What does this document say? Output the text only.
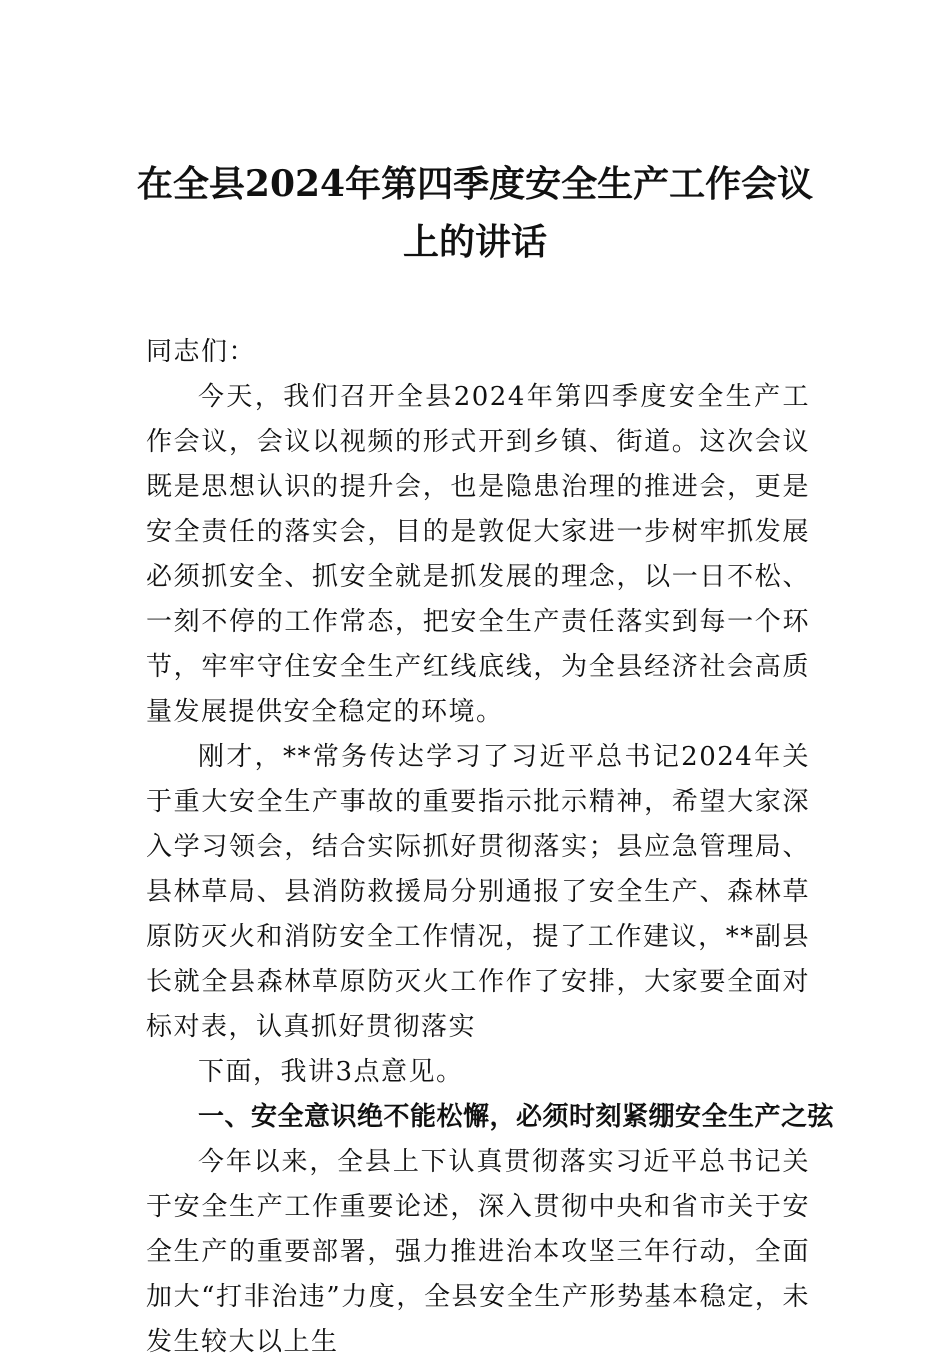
在全县2024年第四季度安全生产工作会议
上的讲话

同志们：

今天，我们召开全县2024年第四季度安全生产工作会议，会议以视频的形式开到乡镇、街道。这次会议既是思想认识的提升会，也是隐患治理的推进会，更是安全责任的落实会，目的是敦促大家进一步树牢抓发展必须抓安全、抓安全就是抓发展的理念，以一日不松、一刻不停的工作常态，把安全生产责任落实到每一个环节，牢牢守住安全生产红线底线，为全县经济社会高质量发展提供安全稳定的环境。

刚才，**常务传达学习了习近平总书记2024年关于重大安全生产事故的重要指示批示精神，希望大家深入学习领会，结合实际抓好贯彻落实；县应急管理局、县林草局、县消防救援局分别通报了安全生产、森林草原防灭火和消防安全工作情况，提了工作建议，**副县长就全县森林草原防灭火工作作了安排，大家要全面对标对表，认真抓好贯彻落实

下面，我讲3点意见。

一、安全意识绝不能松懈，必须时刻紧绷安全生产之弦

今年以来，全县上下认真贯彻落实习近平总书记关于安全生产工作重要论述，深入贯彻中央和省市关于安全生产的重要部署，强力推进治本攻坚三年行动，全面加大“打非治违”力度，全县安全生产形势基本稳定，未发生较大以上生
